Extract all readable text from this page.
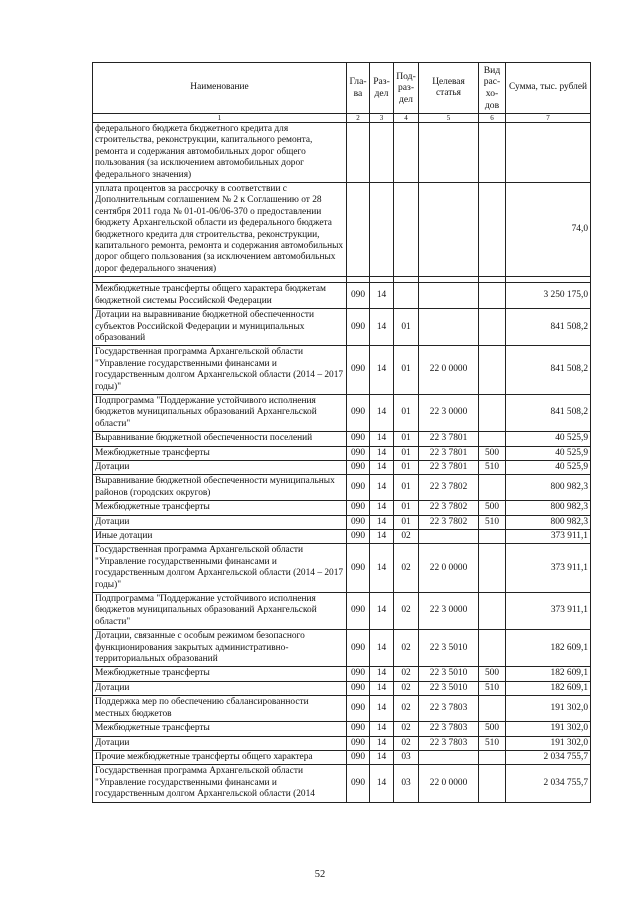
Наименование	Гла- ва	Раз- дел	Под- раз- дел	Целевая статья	Вид рас- хо- дов	Сумма, тыс. рублей
1	2	3	4	5	6	7
федерального бюджета бюджетного кредита для строительства, реконструкции, капитального ремонта, ремонта и содержания автомобильных дорог общего пользования (за исключением автомобильных дорог федерального значения)						
уплата процентов за рассрочку в соответствии с Дополнительным соглашением № 2 к Соглашению от 28 сентября 2011 года № 01-01-06/06-370 о предоставлении бюджету Архангельской области из федерального бюджета бюджетного кредита для строительства, реконструкции, капитального ремонта, ремонта и содержания автомобильных дорог общего пользования (за исключением автомобильных дорог федерального значения)						74,0

Межбюджетные трансферты общего характера бюджетам бюджетной системы Российской Федерации	090	14				3 250 175,0
Дотации на выравнивание бюджетной обеспеченности субъектов Российской Федерации и муниципальных образований	090	14	01			841 508,2
Государственная программа Архангельской области "Управление государственными финансами и государственным долгом Архангельской области (2014 – 2017 годы)"	090	14	01	22 0 0000		841 508,2
Подпрограмма "Поддержание устойчивого исполнения бюджетов муниципальных образований Архангельской области"	090	14	01	22 3 0000		841 508,2
Выравнивание бюджетной обеспеченности поселений	090	14	01	22 3 7801		40 525,9
Межбюджетные трансферты	090	14	01	22 3 7801	500	40 525,9
Дотации	090	14	01	22 3 7801	510	40 525,9
Выравнивание бюджетной обеспеченности муниципальных районов (городских округов)	090	14	01	22 3 7802		800 982,3
Межбюджетные трансферты	090	14	01	22 3 7802	500	800 982,3
Дотации	090	14	01	22 3 7802	510	800 982,3
Иные дотации	090	14	02			373 911,1
Государственная программа Архангельской области "Управление государственными финансами и государственным долгом Архангельской области (2014 – 2017 годы)"	090	14	02	22 0 0000		373 911,1
Подпрограмма "Поддержание устойчивого исполнения бюджетов муниципальных образований Архангельской области"	090	14	02	22 3 0000		373 911,1
Дотации, связанные с особым режимом безопасного функционирования закрытых административно-территориальных образований	090	14	02	22 3 5010		182 609,1
Межбюджетные трансферты	090	14	02	22 3 5010	500	182 609,1
Дотации	090	14	02	22 3 5010	510	182 609,1
Поддержка мер по обеспечению сбалансированности местных бюджетов	090	14	02	22 3 7803		191 302,0
Межбюджетные трансферты	090	14	02	22 3 7803	500	191 302,0
Дотации	090	14	02	22 3 7803	510	191 302,0
Прочие межбюджетные трансферты общего характера	090	14	03			2 034 755,7
Государственная программа Архангельской области "Управление государственными финансами и государственным долгом Архангельской области (2014	090	14	03	22 0 0000		2 034 755,7
52
